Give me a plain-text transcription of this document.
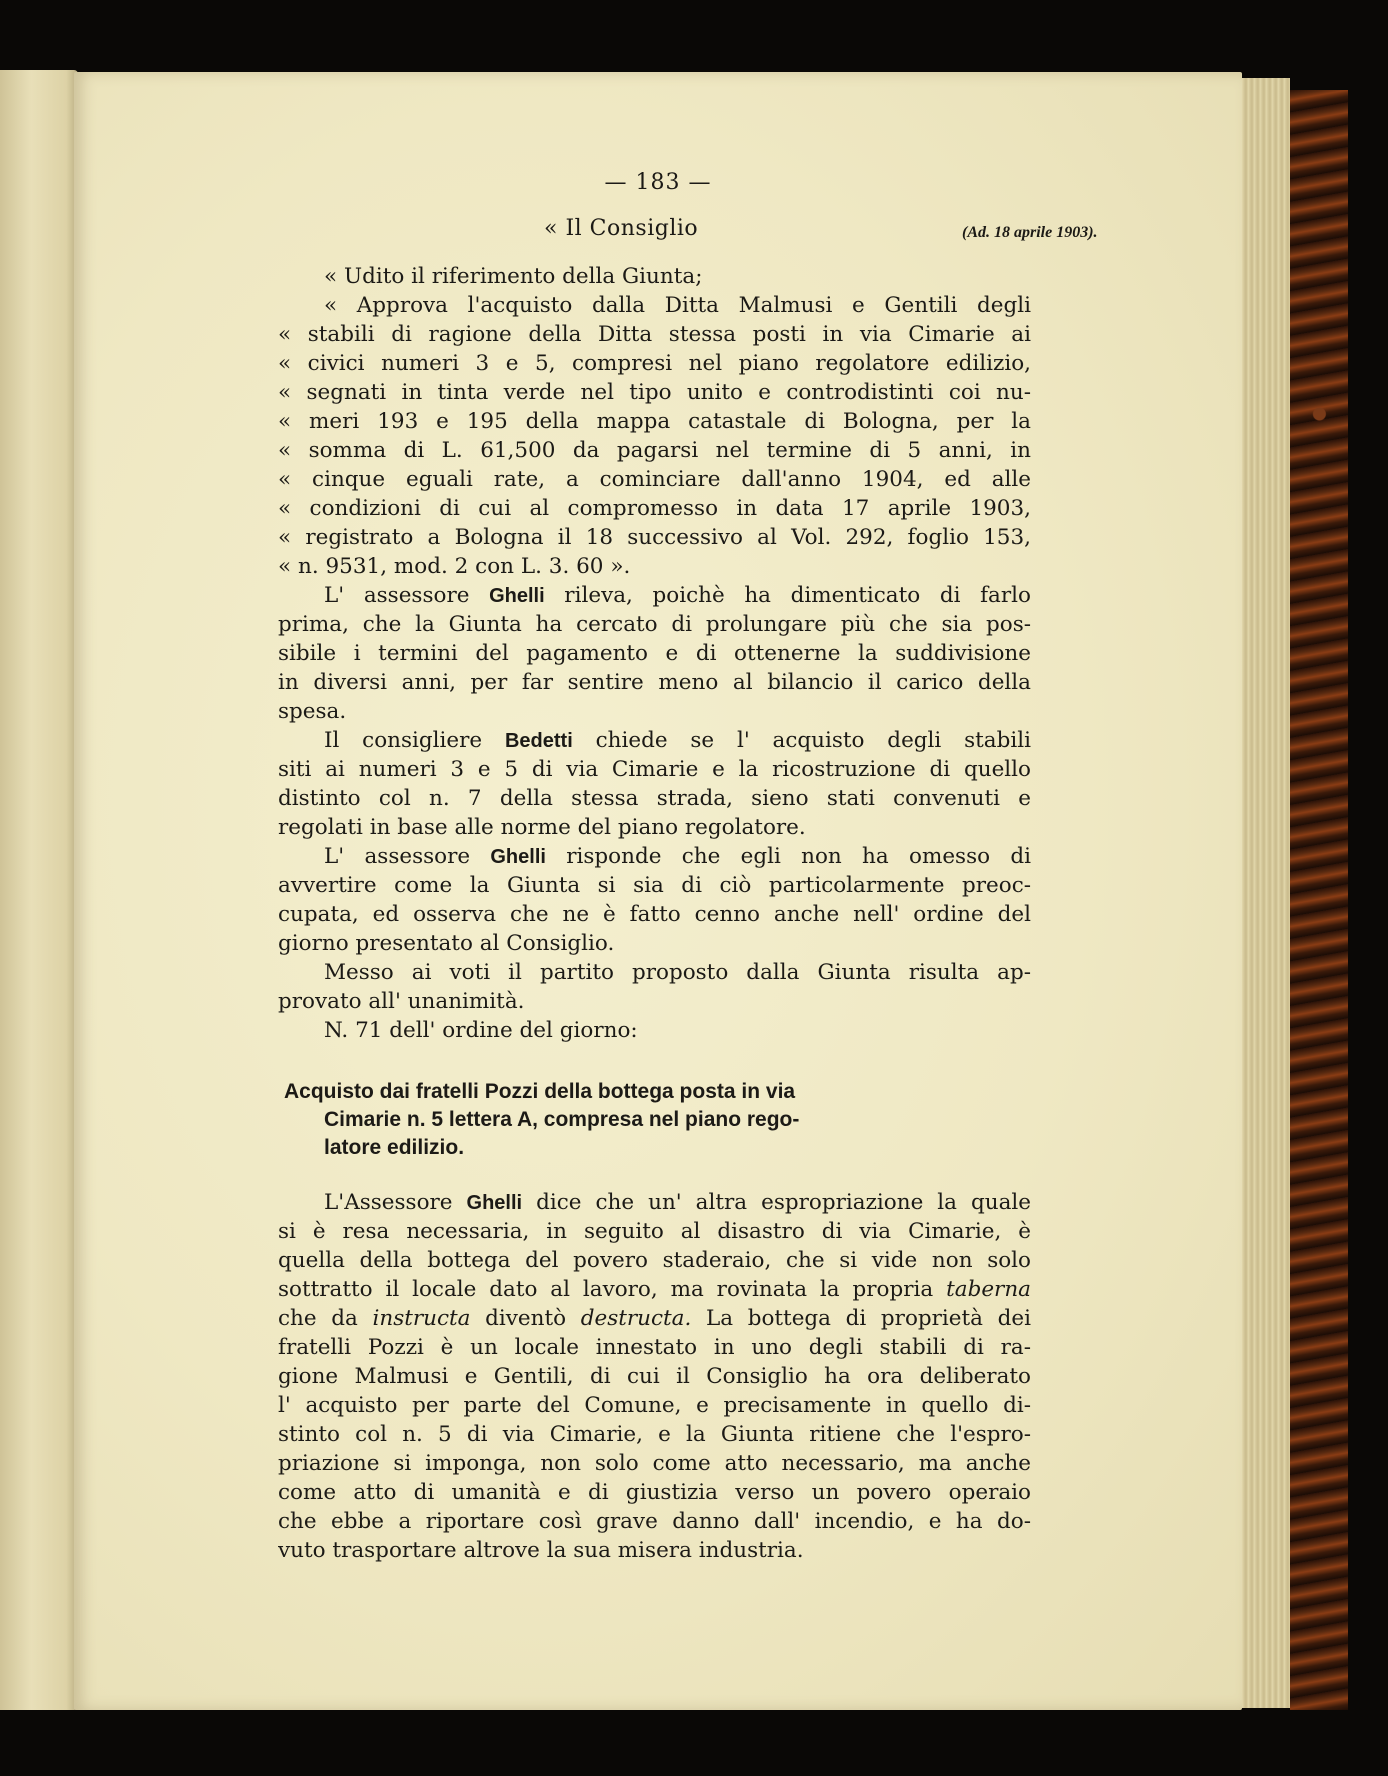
— 183 —
« Il Consiglio	(Ad. 18 aprile 1903).
« Udito il riferimento della Giunta;
« Approva l'acquisto dalla Ditta Malmusi e Gentili degli
« stabili di ragione della Ditta stessa posti in via Cimarie ai
« civici numeri 3 e 5, compresi nel piano regolatore edilizio,
« segnati in tinta verde nel tipo unito e controdistinti coi nu-
« meri 193 e 195 della mappa catastale di Bologna, per la
« somma di L. 61,500 da pagarsi nel termine di 5 anni, in
« cinque eguali rate, a cominciare dall'anno 1904, ed alle
« condizioni di cui al compromesso in data 17 aprile 1903,
« registrato a Bologna il 18 successivo al Vol. 292, foglio 153,
« n. 9531, mod. 2 con L. 3. 60 ».
L' assessore Ghelli rileva, poichè ha dimenticato di farlo
prima, che la Giunta ha cercato di prolungare più che sia pos-
sibile i termini del pagamento e di ottenerne la suddivisione
in diversi anni, per far sentire meno al bilancio il carico della
spesa.
Il consigliere Bedetti chiede se l' acquisto degli stabili
siti ai numeri 3 e 5 di via Cimarie e la ricostruzione di quello
distinto col n. 7 della stessa strada, sieno stati convenuti e
regolati in base alle norme del piano regolatore.
L' assessore Ghelli risponde che egli non ha omesso di
avvertire come la Giunta si sia di ciò particolarmente preoc-
cupata, ed osserva che ne è fatto cenno anche nell' ordine del
giorno presentato al Consiglio.
Messo ai voti il partito proposto dalla Giunta risulta ap-
provato all' unanimità.
N. 71 dell' ordine del giorno:
Acquisto dai fratelli Pozzi della bottega posta in via
Cimarie n. 5 lettera A, compresa nel piano rego-
latore edilizio.
L'Assessore Ghelli dice che un' altra espropriazione la quale
si è resa necessaria, in seguito al disastro di via Cimarie, è
quella della bottega del povero staderaio, che si vide non solo
sottratto il locale dato al lavoro, ma rovinata la propria taberna
che da instructa diventò destructa. La bottega di proprietà dei
fratelli Pozzi è un locale innestato in uno degli stabili di ra-
gione Malmusi e Gentili, di cui il Consiglio ha ora deliberato
l' acquisto per parte del Comune, e precisamente in quello di-
stinto col n. 5 di via Cimarie, e la Giunta ritiene che l'espro-
priazione si imponga, non solo come atto necessario, ma anche
come atto di umanità e di giustizia verso un povero operaio
che ebbe a riportare così grave danno dall' incendio, e ha do-
vuto trasportare altrove la sua misera industria.
